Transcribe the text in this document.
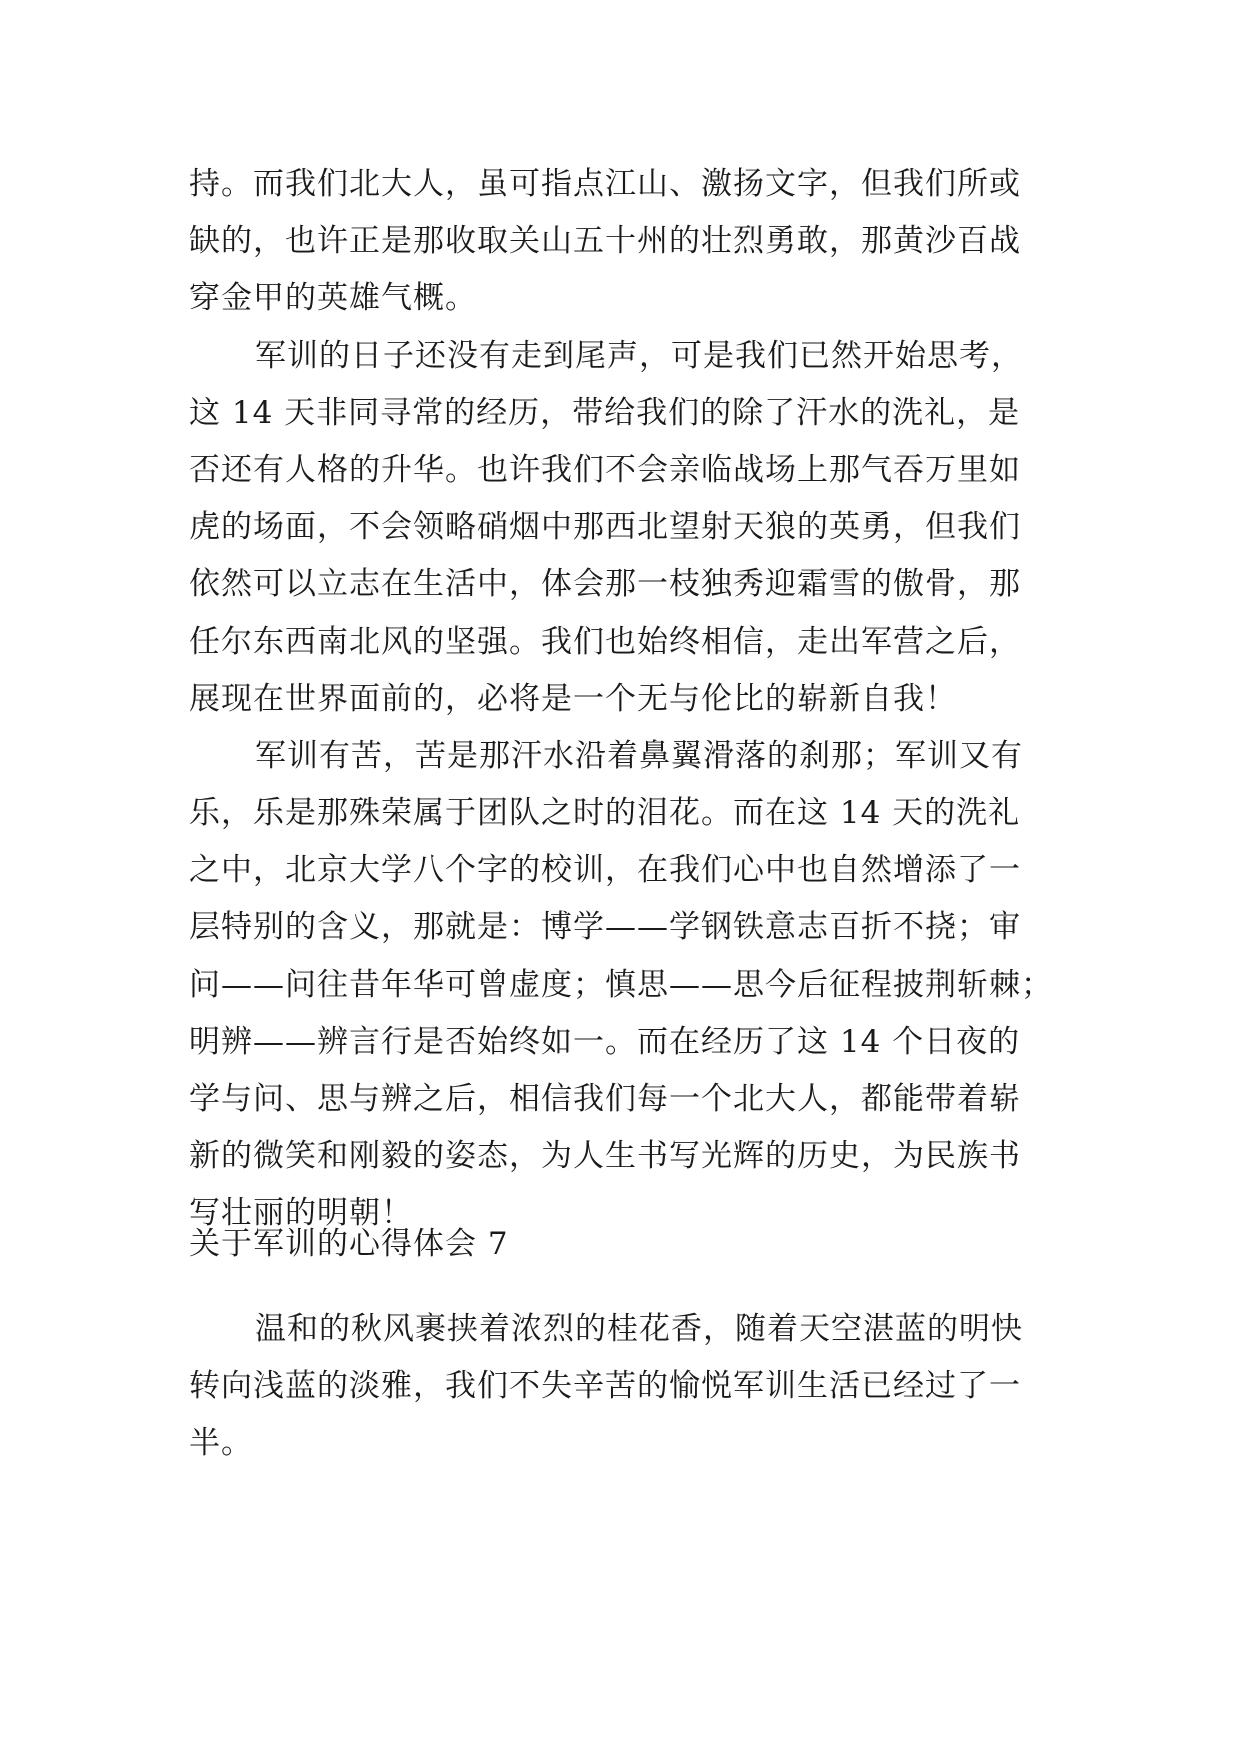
持。而我们北大人，虽可指点江山、激扬文字，但我们所或
缺的，也许正是那收取关山五十州的壮烈勇敢，那黄沙百战
穿金甲的英雄气概。
军训的日子还没有走到尾声，可是我们已然开始思考，
这 14 天非同寻常的经历，带给我们的除了汗水的洗礼，是
否还有人格的升华。也许我们不会亲临战场上那气吞万里如
虎的场面，不会领略硝烟中那西北望射天狼的英勇，但我们
依然可以立志在生活中，体会那一枝独秀迎霜雪的傲骨，那
任尔东西南北风的坚强。我们也始终相信，走出军营之后，
展现在世界面前的，必将是一个无与伦比的崭新自我！
军训有苦，苦是那汗水沿着鼻翼滑落的刹那；军训又有
乐，乐是那殊荣属于团队之时的泪花。而在这 14 天的洗礼
之中，北京大学八个字的校训，在我们心中也自然增添了一
层特别的含义，那就是：博学——学钢铁意志百折不挠；审
问——问往昔年华可曾虚度；慎思——思今后征程披荆斩棘；
明辨——辨言行是否始终如一。而在经历了这 14 个日夜的
学与问、思与辨之后，相信我们每一个北大人，都能带着崭
新的微笑和刚毅的姿态，为人生书写光辉的历史，为民族书
写壮丽的明朝！
关于军训的心得体会 7
温和的秋风裹挟着浓烈的桂花香，随着天空湛蓝的明快
转向浅蓝的淡雅，我们不失辛苦的愉悦军训生活已经过了一
半。
